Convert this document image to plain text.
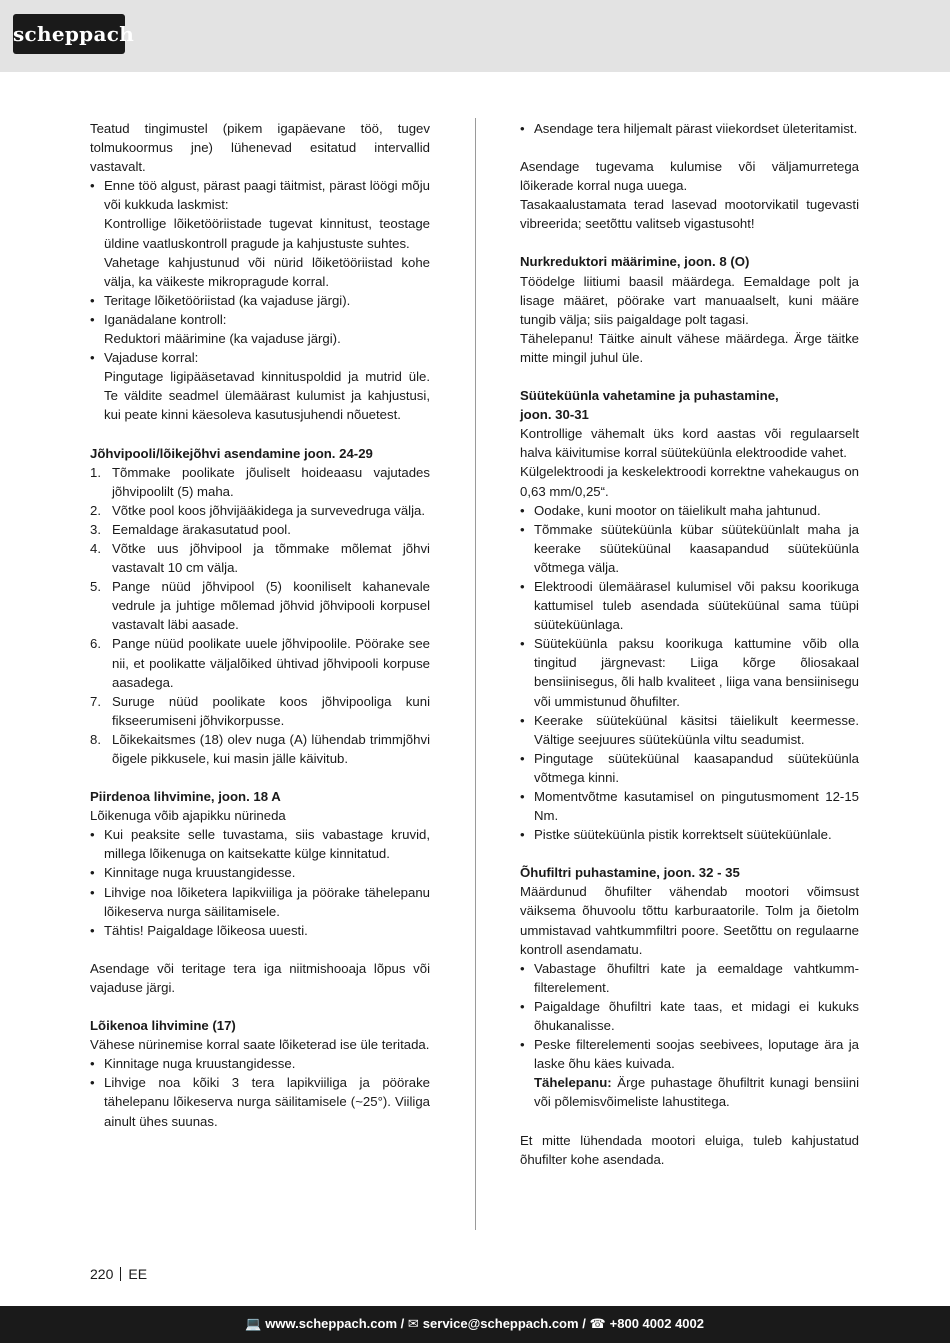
scheppach

Teatud tingimustel (pikem igapäevane töö, tugev tolmukoormus jne) lühenevad esitatud intervallid vastavalt.

• Enne töö algust, pärast paagi täitmist, pärast löögi mõju või kukkuda laskmist:

Kontrollige lõiketööriistade tugevat kinnitust, teostage üldine vaatluskontroll pragude ja kahjustuste suhtes.

Vahetage kahjustunud või nürid lõiketööriistad kohe välja, ka väikeste mikropragude korral.

• Teritage lõiketööriistad (ka vajaduse järgi).
• Iganädalane kontroll:

Reduktori määrimine (ka vajaduse järgi).

• Vajaduse korral:

Pingutage ligipääsetavad kinnituspoldid ja mutrid üle. Te väldite seadmel ülemäärast kulumist ja kahjustusi, kui peate kinni käesoleva kasutusjuhendi nõuetest.

Jõhvipooli/lõikejõhvi asendamine joon. 24-29

1. Tõmmake poolikate jõuliselt hoideaasu vajutades jõhvipoolilt (5) maha.
2. Võtke pool koos jõhvijääkidega ja survevedruga välja.
3. Eemaldage ärakasutatud pool.
4. Võtke uus jõhvipool ja tõmmake mõlemat jõhvi vastavalt 10 cm välja.
5. Pange nüüd jõhvipool (5) kooniliselt kahanevale vedrule ja juhtige mõlemad jõhvid jõhvipooli korpusel vastavalt läbi aasade.
6. Pange nüüd poolikate uuele jõhvipoolile. Pöörake see nii, et poolikatte väljalõiked ühtivad jõhvipooli korpuse aasadega.
7. Suruge nüüd poolikate koos jõhvipooliga kuni fikseerumiseni jõhvikorpusse.
8. Lõikekaitsmes (18) olev nuga (A) lühendab trimmjõhvi õigele pikkusele, kui masin jälle käivitub.

Piirdenoa lihvimine, joon. 18 A

Lõikenuga võib ajapikku nürineda

• Kui peaksite selle tuvastama, siis vabastage kruvid, millega lõikenuga on kaitsekatte külge kinnitatud.
• Kinnitage nuga kruustangidesse.
• Lihvige noa lõiketera lapikviiliga ja pöörake tähelepanu lõikeserva nurga säilitamisele.
• Tähtis! Paigaldage lõikeosa uuesti.

Asendage või teritage tera iga niitmishooaja lõpus või vajaduse järgi.

Lõikenoa lihvimine (17)

Vähese nürinemise korral saate lõiketerad ise üle teritada.

• Kinnitage nuga kruustangidesse.
• Lihvige noa kõiki 3 tera lapikviiliga ja pöörake tähelepanu lõikeserva nurga säilitamisele (~25°). Viiliga ainult ühes suunas.
• Asendage tera hiljemalt pärast viiekordset ületeritamist.

Asendage tugevama kulumise või väljamurretega lõikerade korral nuga uuega.

Tasakaalustamata terad lasevad mootorvikatil tugevasti vibreerida; seetõttu valitseb vigastusoht!

Nurkreduktori määrimine, joon. 8 (O)

Töödelge liitiumi baasil määrdega. Eemaldage polt ja lisage määret, pöörake vart manuaalselt, kuni määre tungib välja; siis paigaldage polt tagasi.

Tähelepanu! Täitke ainult vähese määrdega. Ärge täitke mitte mingil juhul üle.

Süüteküünla vahetamine ja puhastamine,

joon. 30-31

Kontrollige vähemalt üks kord aastas või regulaarselt halva käivitumise korral süüteküünla elektroodide vahet.

Külgelektroodi ja keskelektroodi korrektne vahekaugus on 0,63 mm/0,25“.

• Oodake, kuni mootor on täielikult maha jahtunud.
• Tõmmake süüteküünla kübar süüteküünlalt maha ja keerake süüteküünal kaasapandud süüteküünla võtmega välja.
• Elektroodi ülemäärasel kulumisel või paksu koorikuga kattumisel tuleb asendada süüteküünal sama tüüpi süüteküünlaga.
• Süüteküünla paksu koorikuga kattumine võib olla tingitud järgnevast: Liiga kõrge õliosakaal bensiinisegus, õli halb kvaliteet , liiga vana bensiinisegu või ummistunud õhufilter.
• Keerake süüteküünal käsitsi täielikult keermesse. Vältige seejuures süüteküünla viltu seadumist.
• Pingutage süüteküünal kaasapandud süüteküünla võtmega kinni.
• Momentvõtme kasutamisel on pingutusmoment 12-15 Nm.
• Pistke süüteküünla pistik korrektselt süüteküünlale.

Õhufiltri puhastamine, joon. 32 - 35

Määrdunud õhufilter vähendab mootori võimsust väiksema õhuvoolu tõttu karburaatorile. Tolm ja õietolm ummistavad vahtkummfiltri poore. Seetõttu on regulaarne kontroll asendamatu.

• Vabastage õhufiltri kate ja eemaldage vahtkumm-filterelement.
• Paigaldage õhufiltri kate taas, et midagi ei kukuks õhukanalisse.
• Peske filterelementi soojas seebivees, loputage ära ja laske õhu käes kuivada.

Tähelepanu: Ärge puhastage õhufiltrit kunagi bensiini või põlemisvõimeliste lahustitega.

Et mitte lühendada mootori eluiga, tuleb kahjustatud õhufilter kohe asendada.

220 EE
💻 www.scheppach.com / ✉ service@scheppach.com / ☎ +800 4002 4002
